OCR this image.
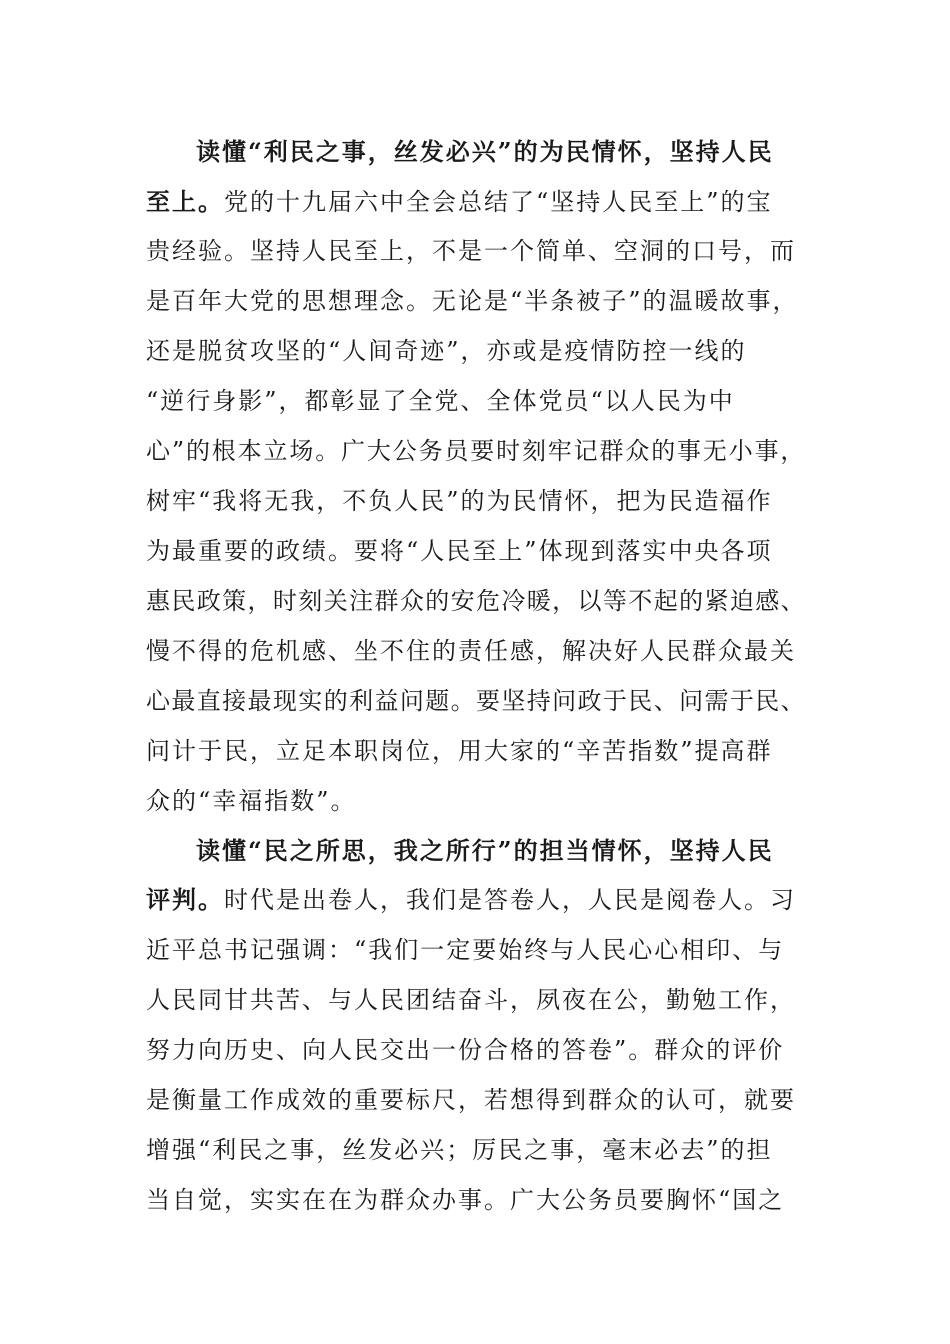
读懂“利民之事，丝发必兴”的为民情怀，坚持人民
至上。党的十九届六中全会总结了“坚持人民至上”的宝
贵经验。坚持人民至上，不是一个简单、空洞的口号，而
是百年大党的思想理念。无论是“半条被子”的温暖故事，
还是脱贫攻坚的“人间奇迹”，亦或是疫情防控一线的
“逆行身影”，都彰显了全党、全体党员“以人民为中
心”的根本立场。广大公务员要时刻牢记群众的事无小事，
树牢“我将无我，不负人民”的为民情怀，把为民造福作
为最重要的政绩。要将“人民至上”体现到落实中央各项
惠民政策，时刻关注群众的安危冷暖，以等不起的紧迫感、
慢不得的危机感、坐不住的责任感，解决好人民群众最关
心最直接最现实的利益问题。要坚持问政于民、问需于民、
问计于民，立足本职岗位，用大家的“辛苦指数”提高群
众的“幸福指数”。
读懂“民之所思，我之所行”的担当情怀，坚持人民
评判。时代是出卷人，我们是答卷人，人民是阅卷人。习
近平总书记强调：“我们一定要始终与人民心心相印、与
人民同甘共苦、与人民团结奋斗，夙夜在公，勤勉工作，
努力向历史、向人民交出一份合格的答卷”。群众的评价
是衡量工作成效的重要标尺，若想得到群众的认可，就要
增强“利民之事，丝发必兴；厉民之事，毫末必去”的担
当自觉，实实在在为群众办事。广大公务员要胸怀“国之
